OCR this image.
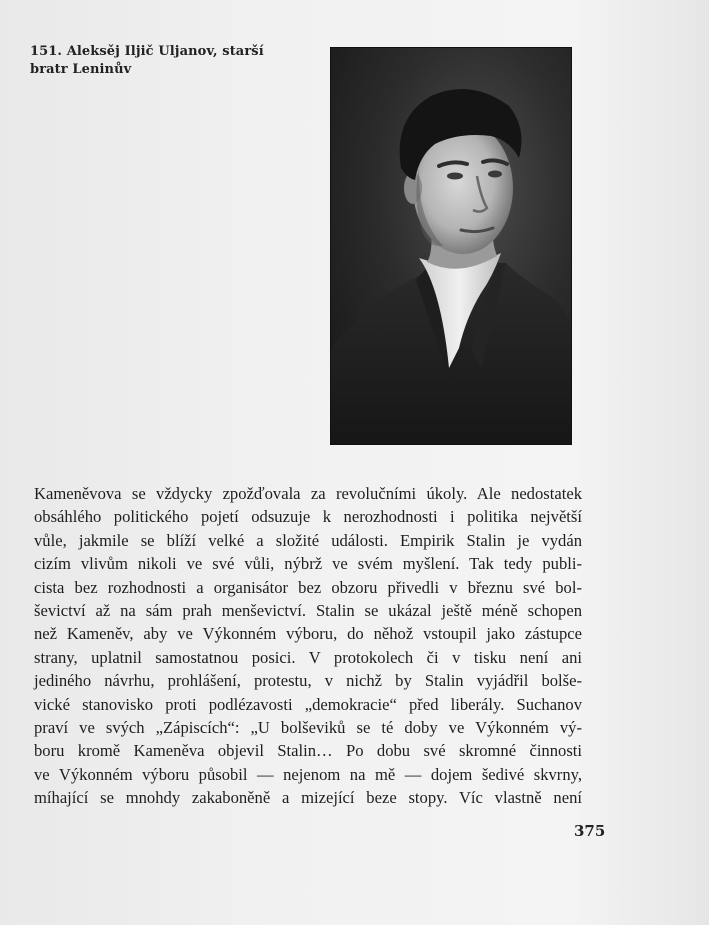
151. Aleksěj Iljič Uljanov, starší bratr Leninův
Kameněvova se vždycky zpožďovala za revolučními úkoly. Ale nedostatek
obsáhlého politického pojetí odsuzuje k nerozhodnosti i politika největší
vůle, jakmile se blíží velké a složité události. Empirik Stalin je vydán
cizím vlivům nikoli ve své vůli, nýbrž ve svém myšlení. Tak tedy publi-
cista bez rozhodnosti a organisátor bez obzoru přivedli v březnu své bol-
ševictví až na sám prah menševictví. Stalin se ukázal ještě méně schopen
než Kameněv, aby ve Výkonném výboru, do něhož vstoupil jako zástupce
strany, uplatnil samostatnou posici. V protokolech či v tisku není ani
jediného návrhu, prohlášení, protestu, v nichž by Stalin vyjádřil bolše-
vické stanovisko proti podlézavosti „demokracie“ před liberály. Suchanov
praví ve svých „Zápiscích“: „U bolševiků se té doby ve Výkonném vý-
boru kromě Kameněva objevil Stalin… Po dobu své skromné činnosti
ve Výkonném výboru působil — nejenom na mě — dojem šedivé skvrny,
míhající se mnohdy zakaboněně a mizející beze stopy. Víc vlastně není
375
